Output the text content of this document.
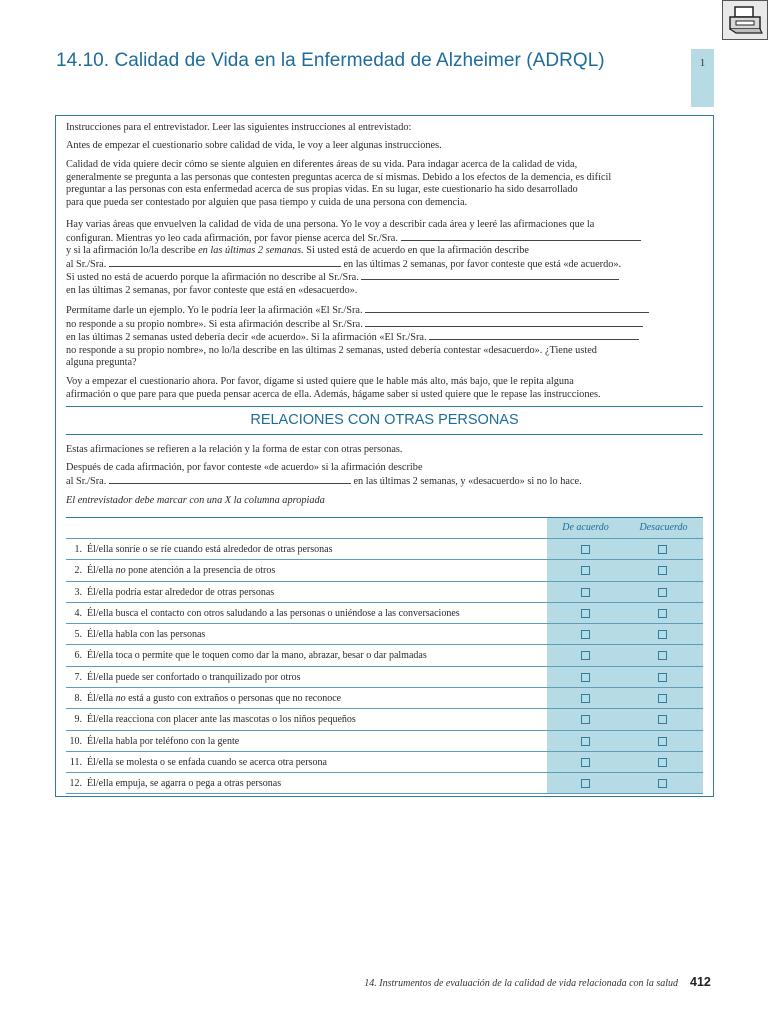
14.10. Calidad de Vida en la Enfermedad de Alzheimer (ADRQL)	1
Instrucciones para el entrevistador. Leer las siguientes instrucciones al entrevistado:
Antes de empezar el cuestionario sobre calidad de vida, le voy a leer algunas instrucciones.
Calidad de vida quiere decir cómo se siente alguien en diferentes áreas de su vida. Para indagar acerca de la calidad de vida,
generalmente se pregunta a las personas que contesten preguntas acerca de sí mismas. Debido a los efectos de la demencia, es difícil
preguntar a las personas con esta enfermedad acerca de sus propias vidas. En su lugar, este cuestionario ha sido desarrollado
para que pueda ser contestado por alguien que pasa tiempo y cuida de una persona con demencia.
Hay varias áreas que envuelven la calidad de vida de una persona. Yo le voy a describir cada área y leeré las afirmaciones que la
configuran. Mientras yo leo cada afirmación, por favor piense acerca del Sr./Sra.
y si la afirmación lo/la describe en las últimas 2 semanas. Si usted está de acuerdo en que la afirmación describe
al Sr./Sra.	en las últimas 2 semanas, por favor conteste que está «de acuerdo».
Si usted no está de acuerdo porque la afirmación no describe al Sr./Sra.
en las últimas 2 semanas, por favor conteste que está en «desacuerdo».
Permítame darle un ejemplo. Yo le podría leer la afirmación «El Sr./Sra.
no responde a su propio nombre». Si esta afirmación describe al Sr./Sra.
en las últimas 2 semanas usted debería decir «de acuerdo». Si la afirmación «El Sr./Sra.
no responde a su propio nombre», no lo/la describe en las últimas 2 semanas, usted debería contestar «desacuerdo». ¿Tiene usted
alguna pregunta?
Voy a empezar el cuestionario ahora. Por favor, dígame si usted quiere que le hable más alto, más bajo, que le repita alguna
afirmación o que pare para que pueda pensar acerca de ella. Además, hágame saber si usted quiere que le repase las instrucciones.
RELACIONES CON OTRAS PERSONAS
Estas afirmaciones se refieren a la relación y la forma de estar con otras personas.
Después de cada afirmación, por favor conteste «de acuerdo» si la afirmación describe
al Sr./Sra.	en las últimas 2 semanas, y «desacuerdo» si no lo hace.
El entrevistador debe marcar con una X la columna apropiada
De acuerdo	Desacuerdo
1. Él/ella sonríe o se ríe cuando está alrededor de otras personas
2. Él/ella no pone atención a la presencia de otros
3. Él/ella podría estar alrededor de otras personas
4. Él/ella busca el contacto con otros saludando a las personas o uniéndose a las conversaciones
5. Él/ella habla con las personas
6. Él/ella toca o permite que le toquen como dar la mano, abrazar, besar o dar palmadas
7. Él/ella puede ser confortado o tranquilizado por otros
8. Él/ella no está a gusto con extraños o personas que no reconoce
9. Él/ella reacciona con placer ante las mascotas o los niños pequeños
10. Él/ella habla por teléfono con la gente
11. Él/ella se molesta o se enfada cuando se acerca otra persona
12. Él/ella empuja, se agarra o pega a otras personas
14. Instrumentos de evaluación de la calidad de vida relacionada con la salud 412
